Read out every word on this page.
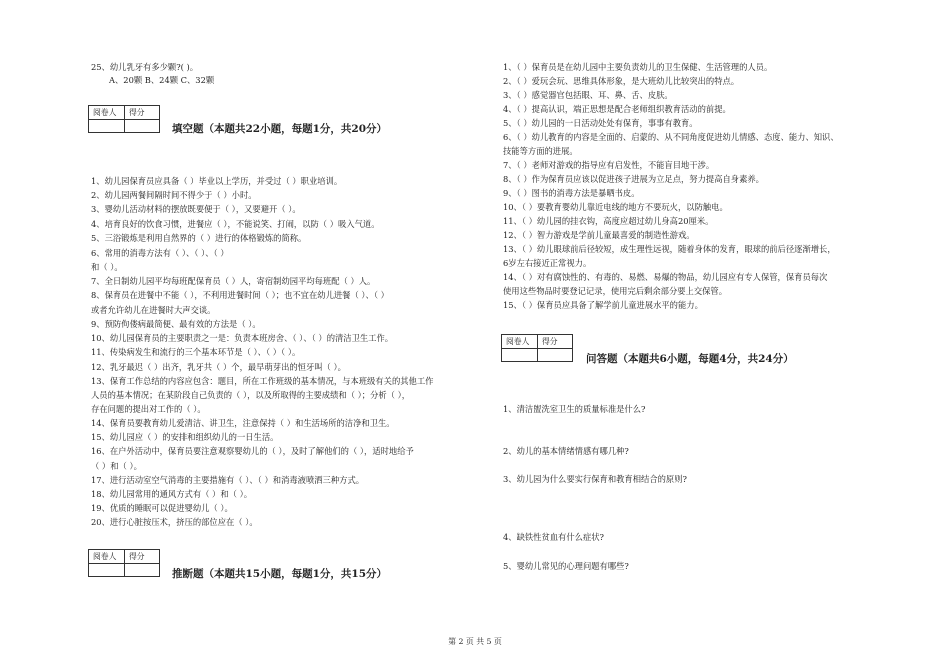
25、幼儿乳牙有多少颗?( )。
A、20颗 B、24颗 C、32颗
阅卷人	得分
填空题（本题共22小题，每题1分，共20分）
1、幼儿园保育员应具备（ ）毕业以上学历，并受过（ ）职业培训。
2、幼儿园两餐间隔时间不得少于（ ）小时。
3、婴幼儿活动材料的摆放既要便于（ ），又要避开（ ）。
4、培育良好的饮食习惯，进餐应（ ），不能说笑、打闹，以防（ ）吸入气道。
5、三浴锻炼是利用自然界的（ ）进行的体格锻炼的简称。
6、常用的消毒方法有（ ）、（ ）、（ ）
和（ ）。
7、全日制幼儿园平均每班配保育员（ ）人，寄宿制幼园平均每班配（ ）人。
8、保育员在进餐中不能（ ），不利用进餐时间（ ）；也不宜在幼儿进餐（ ）、（ ）
或者允许幼儿在进餐时大声交谈。
9、预防佝偻病最简便、最有效的方法是（ ）。
10、幼儿园保育员的主要职责之一是：负责本班房舍、（ ）、（ ）的清洁卫生工作。
11、传染病发生和流行的三个基本环节是（ ）、（ ）（ ）。
12、乳牙最迟（ ）出齐，乳牙共（ ）个，最早萌芽出的恒牙叫（ ）。
13、保育工作总结的内容应包含：题目，所在工作班级的基本情况，与本班级有关的其他工作
人员的基本情况；在某阶段自己负责的（ ），以及所取得的主要成绩和（ ）；分析（ ），
存在问题的提出对工作的（ ）。
14、保育员要教育幼儿爱清洁、讲卫生，注意保持（ ）和生活场所的洁净和卫生。
15、幼儿园应（ ）的安排和组织幼儿的一日生活。
16、在户外活动中，保育员要注意观察婴幼儿的（ ），及时了解他们的（ ），适时地给予
（ ）和（ ）。
17、进行活动室空气消毒的主要措施有（ ）、（ ）和消毒液喷洒三种方式。
18、幼儿园常用的通风方式有（ ）和（ ）。
19、优质的睡眠可以促进婴幼儿（ ）。
20、进行心脏按压术，挤压的部位应在（ ）。
阅卷人	得分
推断题（本题共15小题，每题1分，共15分）
1、（ ）保育员是在幼儿园中主要负责幼儿的卫生保健、生活管理的人员。
2、（ ）爱玩会玩、思维具体形象，是大班幼儿比较突出的特点。
3、（ ）感觉器官包括眼、耳、鼻、舌、皮肤。
4、（ ）提高认识，端正思想是配合老师组织教育活动的前提。
5、（ ）幼儿园的一日活动处处有保育，事事有教育。
6、（ ）幼儿教育的内容是全面的、启蒙的、从不同角度促进幼儿情感、态度、能力、知识、
技能等方面的进展。
7、（ ）老师对游戏的指导应有启发性，不能盲目地干涉。
8、（ ）作为保育员应该以促进孩子进展为立足点，努力提高自身素养。
9、（ ）图书的消毒方法是暴晒书皮。
10、（ ）要教育婴幼儿靠近电线的地方不要玩火，以防触电。
11、（ ）幼儿园的挂衣钩，高度应超过幼儿身高20厘米。
12、（ ）智力游戏是学前儿童最喜爱的制造性游戏。
13、（ ）幼儿眼球前后径较短，成生理性远视，随着身体的发育，眼球的前后径逐渐增长，
6岁左右接近正常视力。
14、（ ）对有腐蚀性的、有毒的、易燃、易爆的物品，幼儿园应有专人保管，保育员每次
使用这些物品时要登记记录，使用完后剩余部分要上交保管。
15、（ ）保育员应具备了解学前儿童进展水平的能力。
阅卷人	得分
问答题（本题共6小题，每题4分，共24分）
1、清洁盥洗室卫生的质量标准是什么?
2、幼儿的基本情绪情感有哪几种?
3、幼儿园为什么要实行保育和教育相结合的原则?
4、缺铁性贫血有什么症状?
5、婴幼儿常见的心理问题有哪些?
第 2 页 共 5 页
